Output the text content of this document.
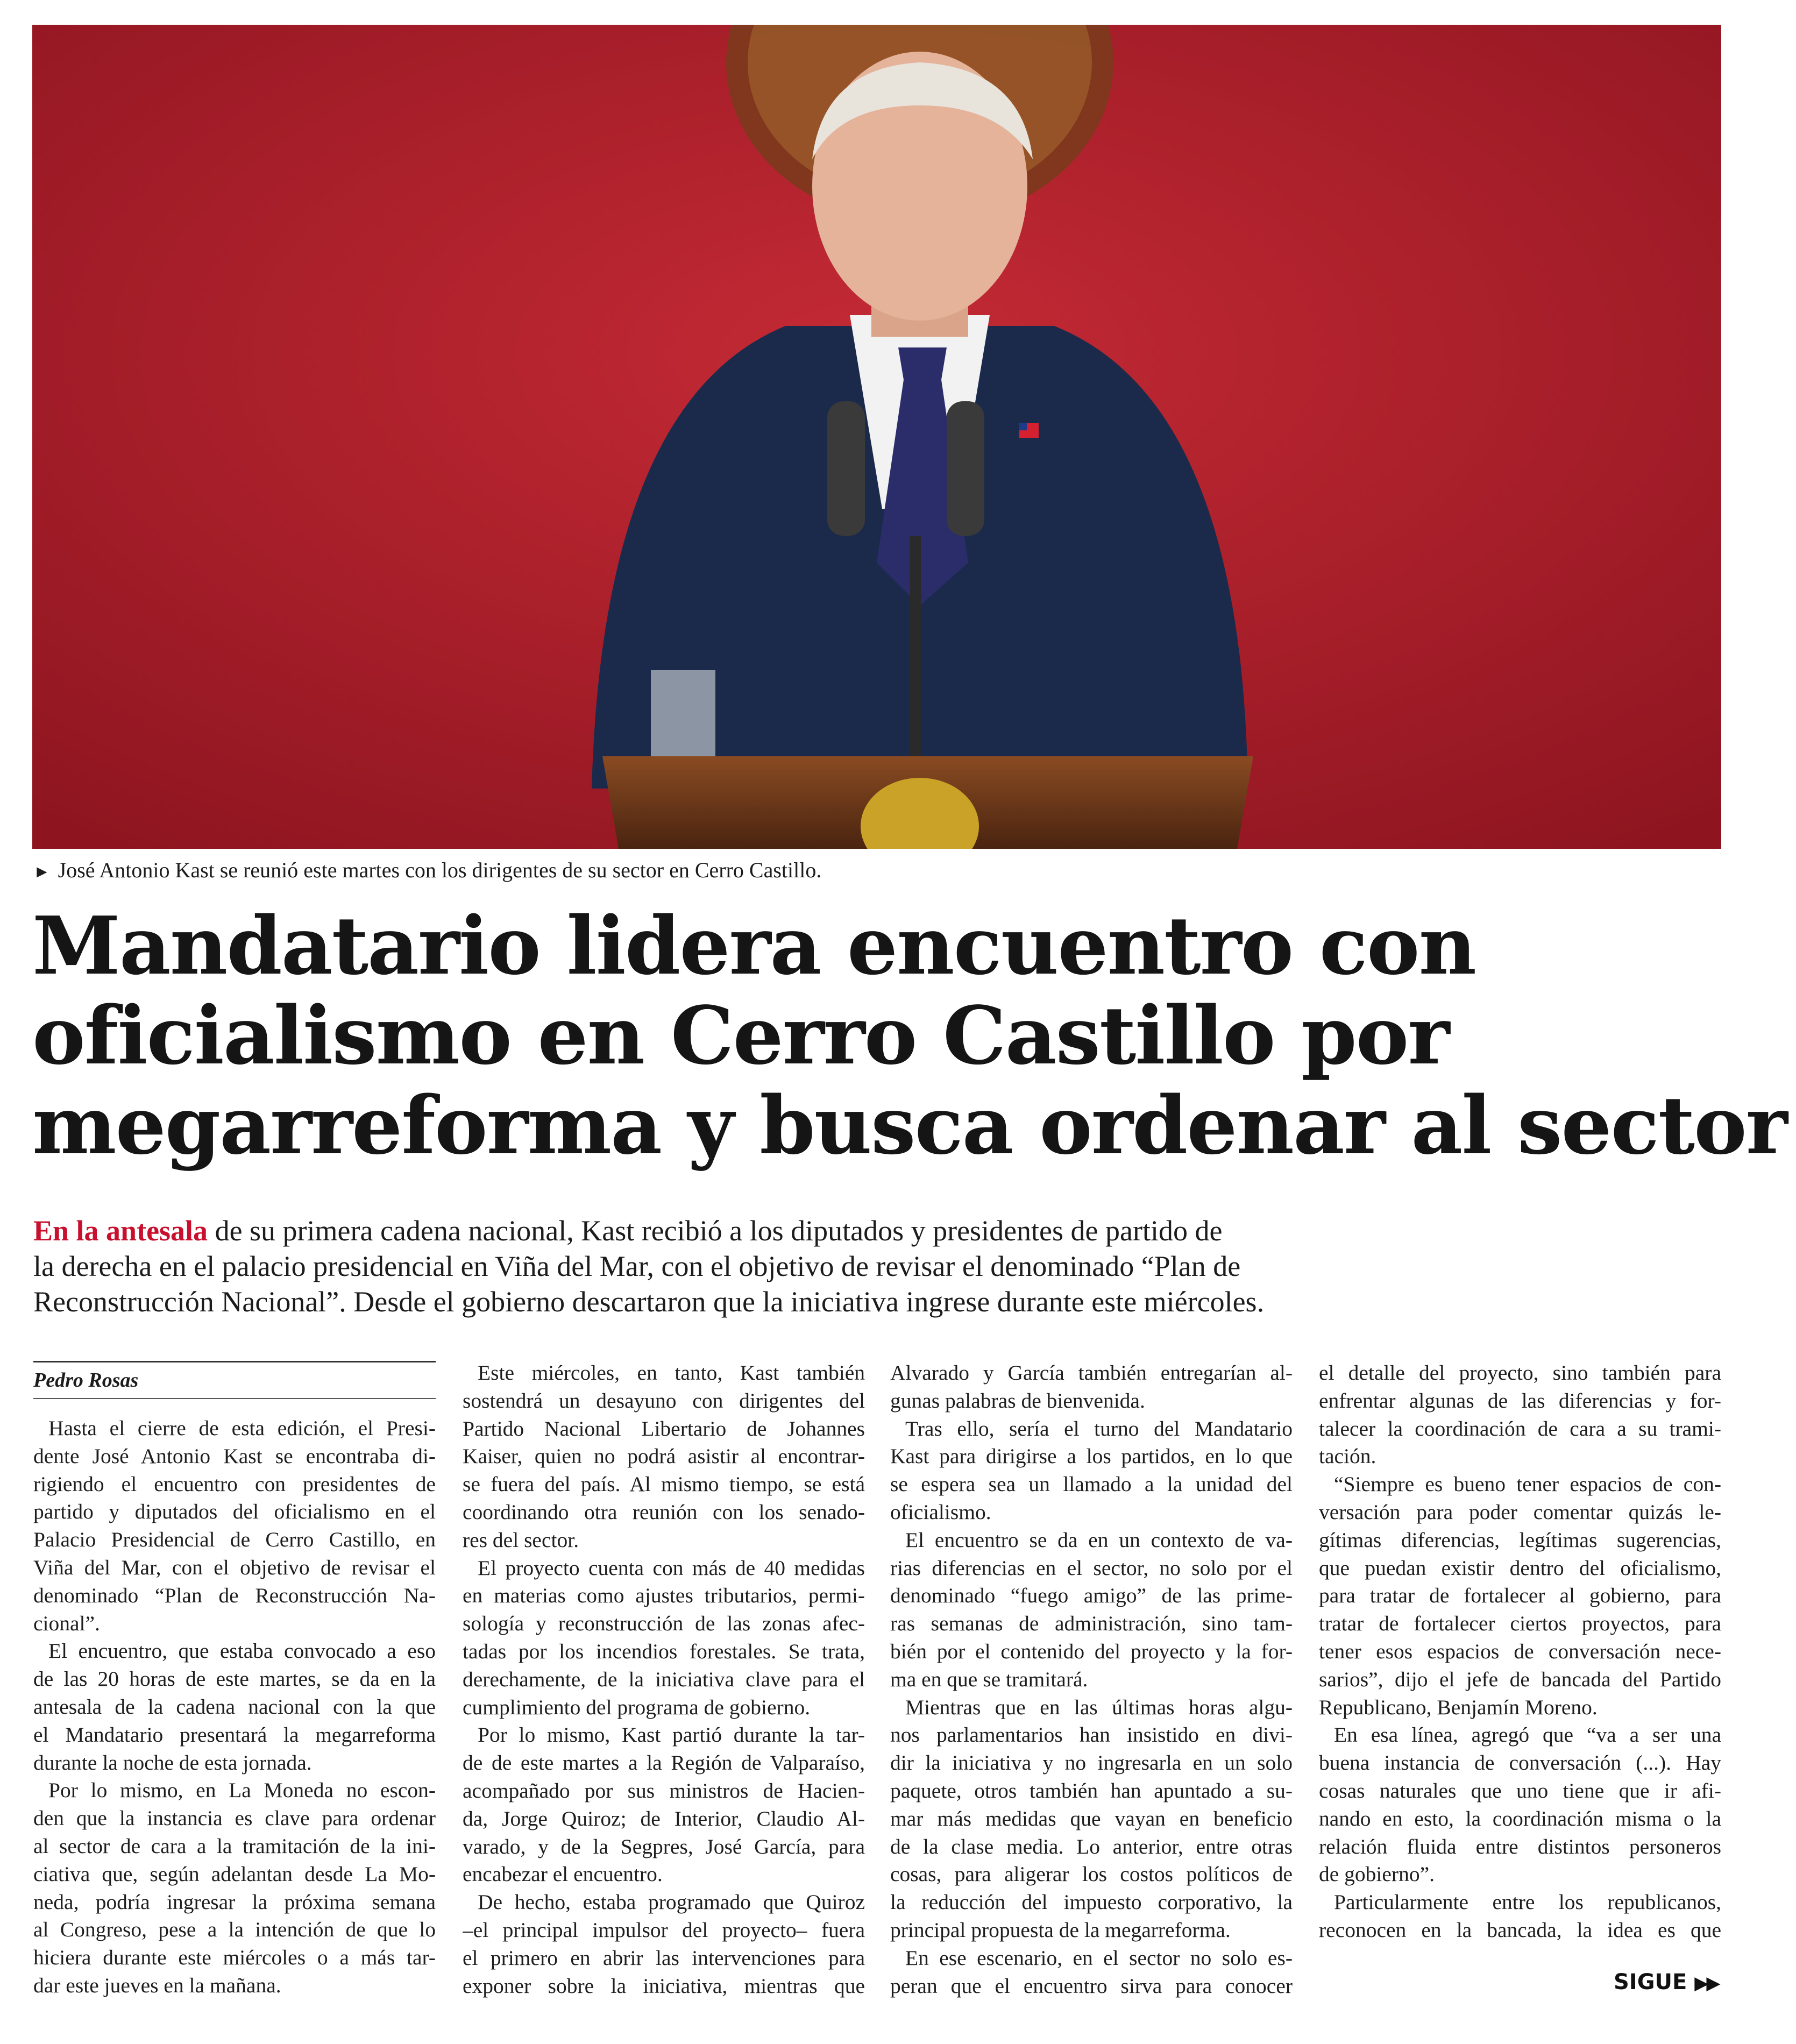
► José Antonio Kast se reunió este martes con los dirigentes de su sector en Cerro Castillo.
Mandatario lidera encuentro con
oficialismo en Cerro Castillo por
megarreforma y busca ordenar al sector
En la antesala de su primera cadena nacional, Kast recibió a los diputados y presidentes de partido de
la derecha en el palacio presidencial en Viña del Mar, con el objetivo de revisar el denominado “Plan de
Reconstrucción Nacional”. Desde el gobierno descartaron que la iniciativa ingrese durante este miércoles.
Pedro Rosas
Hasta el cierre de esta edición, el Presi-
dente José Antonio Kast se encontraba di-
rigiendo el encuentro con presidentes de
partido y diputados del oficialismo en el
Palacio Presidencial de Cerro Castillo, en
Viña del Mar, con el objetivo de revisar el
denominado “Plan de Reconstrucción Na-
cional”.
El encuentro, que estaba convocado a eso
de las 20 horas de este martes, se da en la
antesala de la cadena nacional con la que
el Mandatario presentará la megarreforma
durante la noche de esta jornada.
Por lo mismo, en La Moneda no escon-
den que la instancia es clave para ordenar
al sector de cara a la tramitación de la ini-
ciativa que, según adelantan desde La Mo-
neda, podría ingresar la próxima semana
al Congreso, pese a la intención de que lo
hiciera durante este miércoles o a más tar-
dar este jueves en la mañana.
Este miércoles, en tanto, Kast también
sostendrá un desayuno con dirigentes del
Partido Nacional Libertario de Johannes
Kaiser, quien no podrá asistir al encontrar-
se fuera del país. Al mismo tiempo, se está
coordinando otra reunión con los senado-
res del sector.
El proyecto cuenta con más de 40 medidas
en materias como ajustes tributarios, permi-
sología y reconstrucción de las zonas afec-
tadas por los incendios forestales. Se trata,
derechamente, de la iniciativa clave para el
cumplimiento del programa de gobierno.
Por lo mismo, Kast partió durante la tar-
de de este martes a la Región de Valparaíso,
acompañado por sus ministros de Hacien-
da, Jorge Quiroz; de Interior, Claudio Al-
varado, y de la Segpres, José García, para
encabezar el encuentro.
De hecho, estaba programado que Quiroz
–el principal impulsor del proyecto– fuera
el primero en abrir las intervenciones para
exponer sobre la iniciativa, mientras que
Alvarado y García también entregarían al-
gunas palabras de bienvenida.
Tras ello, sería el turno del Mandatario
Kast para dirigirse a los partidos, en lo que
se espera sea un llamado a la unidad del
oficialismo.
El encuentro se da en un contexto de va-
rias diferencias en el sector, no solo por el
denominado “fuego amigo” de las prime-
ras semanas de administración, sino tam-
bién por el contenido del proyecto y la for-
ma en que se tramitará.
Mientras que en las últimas horas algu-
nos parlamentarios han insistido en divi-
dir la iniciativa y no ingresarla en un solo
paquete, otros también han apuntado a su-
mar más medidas que vayan en beneficio
de la clase media. Lo anterior, entre otras
cosas, para aligerar los costos políticos de
la reducción del impuesto corporativo, la
principal propuesta de la megarreforma.
En ese escenario, en el sector no solo es-
peran que el encuentro sirva para conocer
el detalle del proyecto, sino también para
enfrentar algunas de las diferencias y for-
talecer la coordinación de cara a su trami-
tación.
“Siempre es bueno tener espacios de con-
versación para poder comentar quizás le-
gítimas diferencias, legítimas sugerencias,
que puedan existir dentro del oficialismo,
para tratar de fortalecer al gobierno, para
tratar de fortalecer ciertos proyectos, para
tener esos espacios de conversación nece-
sarios”, dijo el jefe de bancada del Partido
Republicano, Benjamín Moreno.
En esa línea, agregó que “va a ser una
buena instancia de conversación (...). Hay
cosas naturales que uno tiene que ir afi-
nando en esto, la coordinación misma o la
relación fluida entre distintos personeros
de gobierno”.
Particularmente entre los republicanos,
reconocen en la bancada, la idea es que
SIGUE ▶▶
